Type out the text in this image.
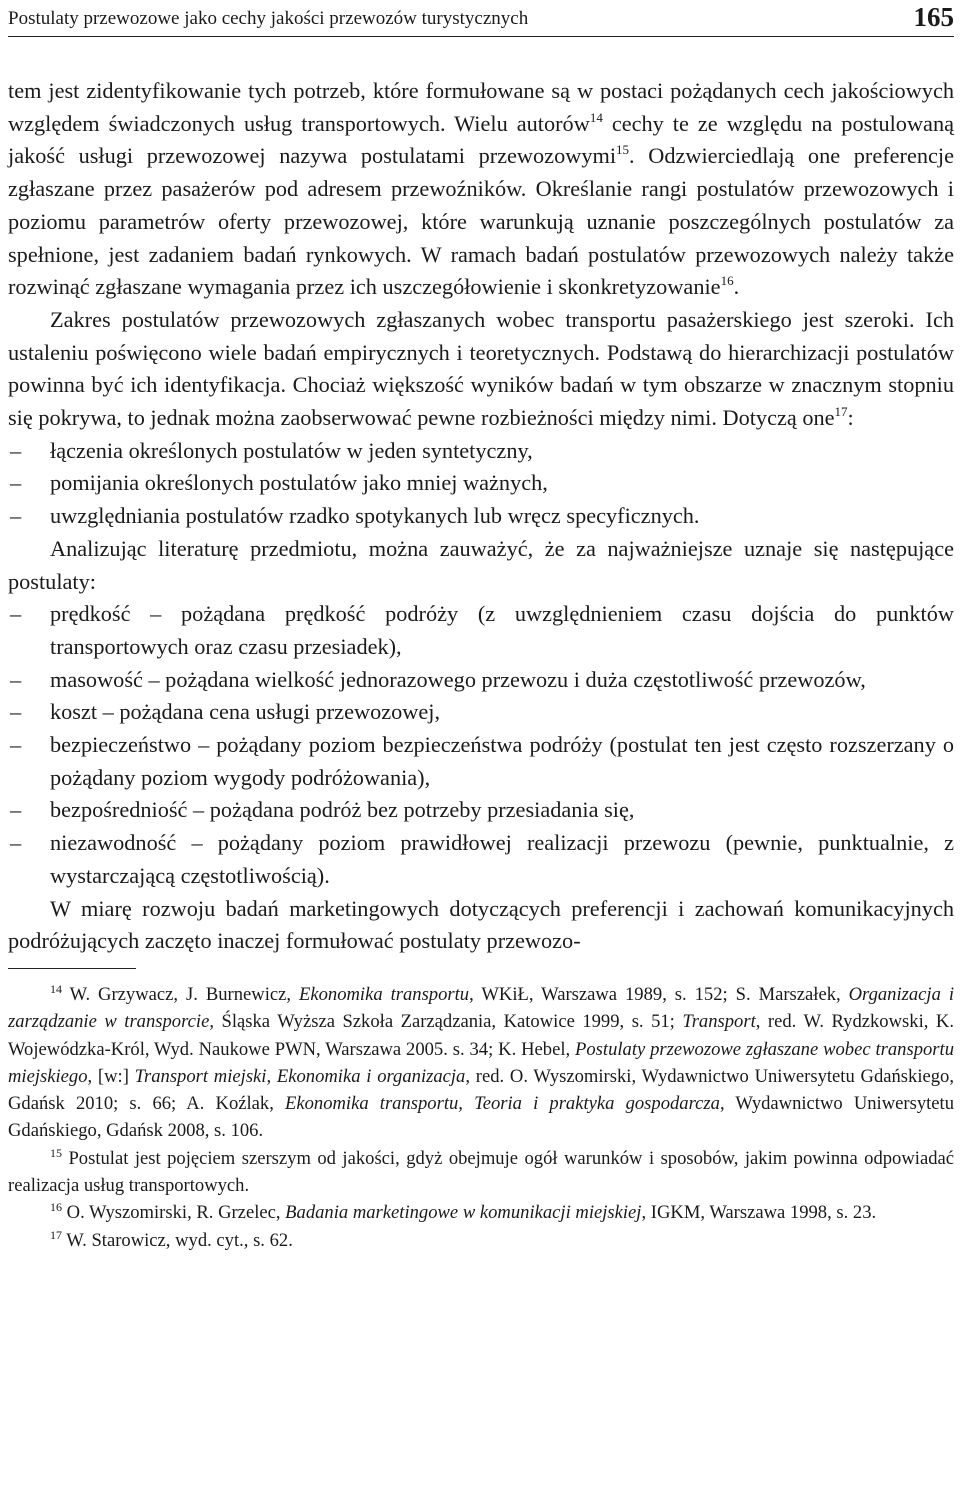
Postulaty przewozowe jako cechy jakości przewozów turystycznych	165

tem jest zidentyfikowanie tych potrzeb, które formułowane są w postaci pożądanych cech jakościowych względem świadczonych usług transportowych. Wielu autorów$^{14}$ cechy te ze względu na postulowaną jakość usługi przewozowej nazywa postulatami przewozowymi$^{15}$. Odzwierciedlają one preferencje zgłaszane przez pasażerów pod adresem przewoźników. Określanie rangi postulatów przewozowych i poziomu parametrów oferty przewozowej, które warunkują uznanie poszczególnych postulatów za spełnione, jest zadaniem badań rynkowych. W ramach badań postulatów przewozowych należy także rozwinąć zgłaszane wymagania przez ich uszczegółowienie i skonkretyzowanie$^{16}$.

Zakres postulatów przewozowych zgłaszanych wobec transportu pasażerskiego jest szeroki. Ich ustaleniu poświęcono wiele badań empirycznych i teoretycznych. Podstawą do hierarchizacji postulatów powinna być ich identyfikacja. Chociaż większość wyników badań w tym obszarze w znacznym stopniu się pokrywa, to jednak można zaobserwować pewne rozbieżności między nimi. Dotyczą one$^{17}$:

– łączenia określonych postulatów w jeden syntetyczny,
– pomijania określonych postulatów jako mniej ważnych,
– uwzględniania postulatów rzadko spotykanych lub wręcz specyficznych.

Analizując literaturę przedmiotu, można zauważyć, że za najważniejsze uznaje się następujące postulaty:

– prędkość – pożądana prędkość podróży (z uwzględnieniem czasu dojścia do punktów transportowych oraz czasu przesiadek),
– masowość – pożądana wielkość jednorazowego przewozu i duża częstotliwość przewozów,
– koszt – pożądana cena usługi przewozowej,
– bezpieczeństwo – pożądany poziom bezpieczeństwa podróży (postulat ten jest często rozszerzany o pożądany poziom wygody podróżowania),
– bezpośredniość – pożądana podróż bez potrzeby przesiadania się,
– niezawodność – pożądany poziom prawidłowej realizacji przewozu (pewnie, punktualnie, z wystarczającą częstotliwością).

W miarę rozwoju badań marketingowych dotyczących preferencji i zachowań komunikacyjnych podróżujących zaczęto inaczej formułować postulaty przewozo-

$^{14}$ W. Grzywacz, J. Burnewicz, Ekonomika transportu, WKiŁ, Warszawa 1989, s. 152; S. Marszałek, Organizacja i zarządzanie w transporcie, Śląska Wyższa Szkoła Zarządzania, Katowice 1999, s. 51; Transport, red. W. Rydzkowski, K. Wojewódzka-Król, Wyd. Naukowe PWN, Warszawa 2005. s. 34; K. Hebel, Postulaty przewozowe zgłaszane wobec transportu miejskiego, [w:] Transport miejski, Ekonomika i organizacja, red. O. Wyszomirski, Wydawnictwo Uniwersytetu Gdańskiego, Gdańsk 2010; s. 66; A. Koźlak, Ekonomika transportu, Teoria i praktyka gospodarcza, Wydawnictwo Uniwersytetu Gdańskiego, Gdańsk 2008, s. 106.

$^{15}$ Postulat jest pojęciem szerszym od jakości, gdyż obejmuje ogół warunków i sposobów, jakim powinna odpowiadać realizacja usług transportowych.

$^{16}$ O. Wyszomirski, R. Grzelec, Badania marketingowe w komunikacji miejskiej, IGKM, Warszawa 1998, s. 23.

$^{17}$ W. Starowicz, wyd. cyt., s. 62.
